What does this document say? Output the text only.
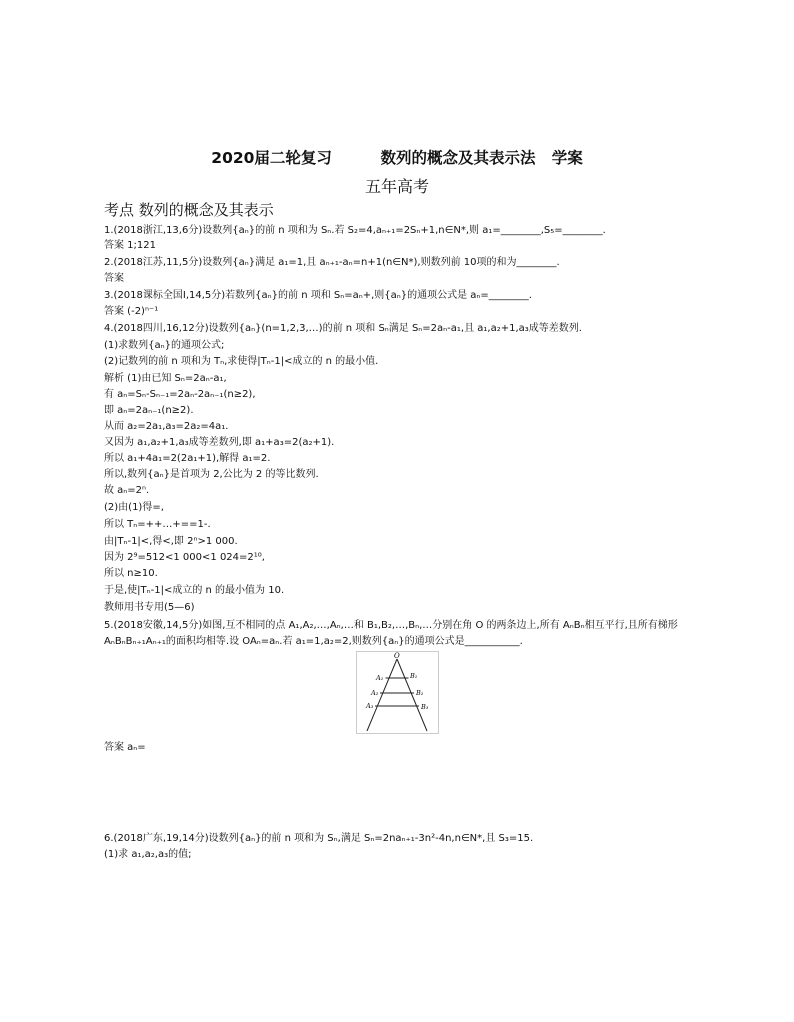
2020届二轮复习         数列的概念及其表示法   学案
五年高考
考点 数列的概念及其表示
1.(2018浙江,13,6分)设数列{aₙ}的前 n 项和为 Sₙ.若 S₂=4,aₙ₊₁=2Sₙ+1,n∈N*,则 a₁=________,S₅=________.
答案 1;121
2.(2018江苏,11,5分)设数列{aₙ}满足 a₁=1,且 aₙ₊₁-aₙ=n+1(n∈N*),则数列前 10项的和为________.
答案
3.(2018课标全国Ⅰ,14,5分)若数列{aₙ}的前 n 项和 Sₙ=aₙ+,则{aₙ}的通项公式是 aₙ=________.
答案 (-2)ⁿ⁻¹
4.(2018四川,16,12分)设数列{aₙ}(n=1,2,3,…)的前 n 项和 Sₙ满足 Sₙ=2aₙ-a₁,且 a₁,a₂+1,a₃成等差数列.
(1)求数列{aₙ}的通项公式;
(2)记数列的前 n 项和为 Tₙ,求使得|Tₙ-1|<成立的 n 的最小值.
解析 (1)由已知 Sₙ=2aₙ-a₁,
有 aₙ=Sₙ-Sₙ₋₁=2aₙ-2aₙ₋₁(n≥2),
即 aₙ=2aₙ₋₁(n≥2).
从而 a₂=2a₁,a₃=2a₂=4a₁.
又因为 a₁,a₂+1,a₃成等差数列,即 a₁+a₃=2(a₂+1).
所以 a₁+4a₁=2(2a₁+1),解得 a₁=2.
所以,数列{aₙ}是首项为 2,公比为 2 的等比数列.
故 aₙ=2ⁿ.
(2)由(1)得=,
所以 Tₙ=++…+==1-.
由|Tₙ-1|<,得<,即 2ⁿ>1 000.
因为 2⁹=512<1 000<1 024=2¹⁰,
所以 n≥10.
于是,使|Tₙ-1|<成立的 n 的最小值为 10.
教师用书专用(5—6)
5.(2018安徽,14,5分)如图,互不相同的点 A₁,A₂,…,Aₙ,…和 B₁,B₂,…,Bₙ,…分别在角 O 的两条边上,所有 AₙBₙ相互平行,且所有梯形
AₙBₙBₙ₊₁Aₙ₊₁的面积均相等.设 OAₙ=aₙ.若 a₁=1,a₂=2,则数列{aₙ}的通项公式是___________.
答案 aₙ=
6.(2018广东,19,14分)设数列{aₙ}的前 n 项和为 Sₙ,满足 Sₙ=2naₙ₊₁-3n²-4n,n∈N*,且 S₃=15.
(1)求 a₁,a₂,a₃的值;
O
A₁
A₂
A₃
B₁
B₂
B₃
